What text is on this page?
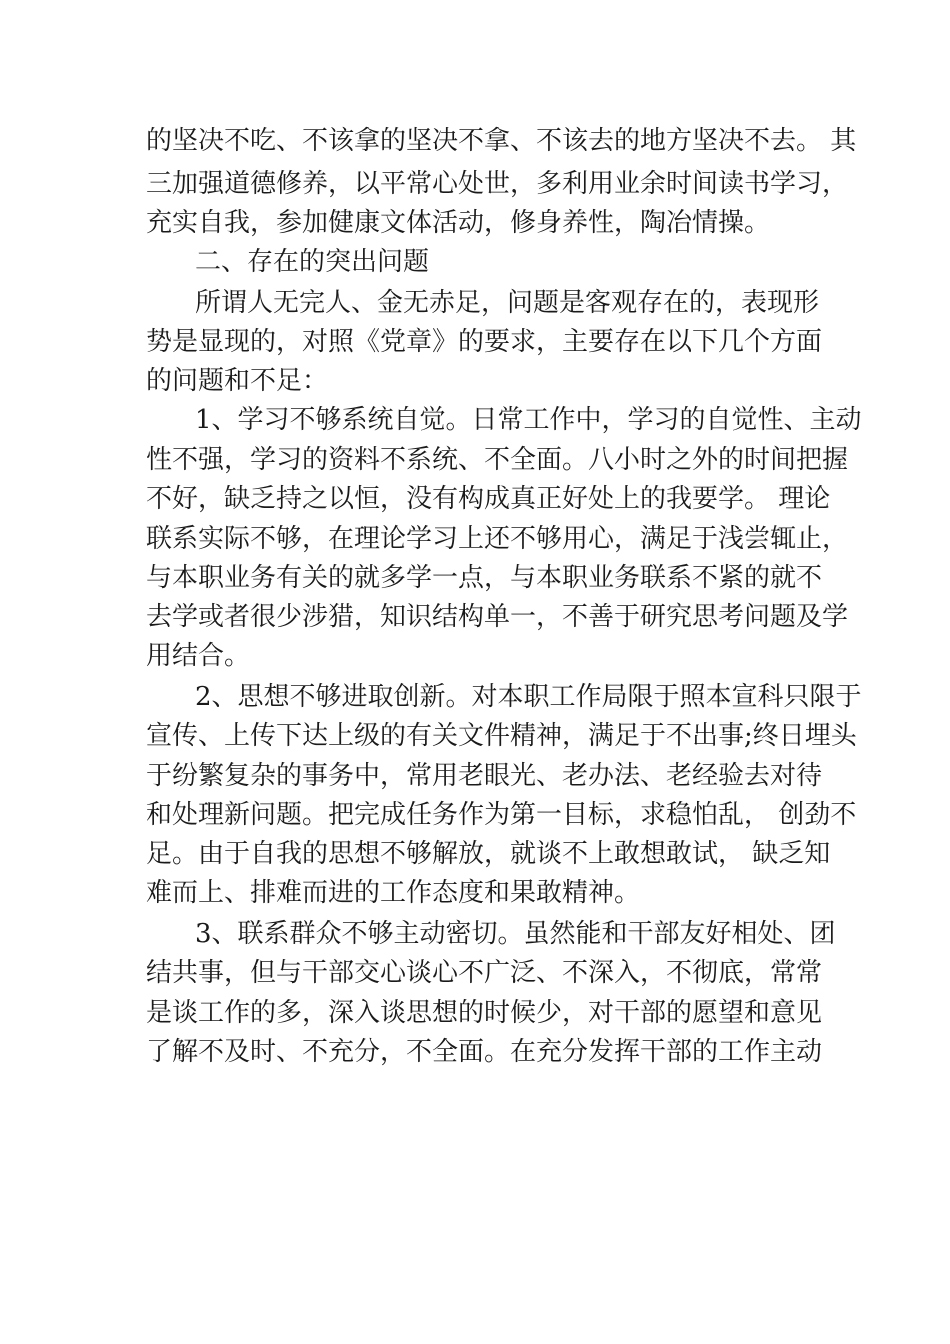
的坚决不吃、不该拿的坚决不拿、不该去的地方坚决不去。 其
三加强道德修养，以平常心处世，多利用业余时间读书学习，
充实自我，参加健康文体活动，修身养性，陶冶情操。
二、存在的突出问题
所谓人无完人、金无赤足，问题是客观存在的，表现形
势是显现的，对照《党章》的要求，主要存在以下几个方面
的问题和不足：
1、学习不够系统自觉。日常工作中，学习的自觉性、主动
性不强，学习的资料不系统、不全面。八小时之外的时间把握
不好，缺乏持之以恒，没有构成真正好处上的我要学。 理论
联系实际不够，在理论学习上还不够用心，满足于浅尝辄止，
与本职业务有关的就多学一点，与本职业务联系不紧的就不
去学或者很少涉猎，知识结构单一，不善于研究思考问题及学
用结合。
2、思想不够进取创新。对本职工作局限于照本宣科只限于
宣传、上传下达上级的有关文件精神，满足于不出事;终日埋头
于纷繁复杂的事务中，常用老眼光、老办法、老经验去对待
和处理新问题。把完成任务作为第一目标，求稳怕乱， 创劲不
足。由于自我的思想不够解放，就谈不上敢想敢试， 缺乏知
难而上、排难而进的工作态度和果敢精神。
3、联系群众不够主动密切。虽然能和干部友好相处、团
结共事，但与干部交心谈心不广泛、不深入，不彻底，常常
是谈工作的多，深入谈思想的时候少，对干部的愿望和意见
了解不及时、不充分，不全面。在充分发挥干部的工作主动
